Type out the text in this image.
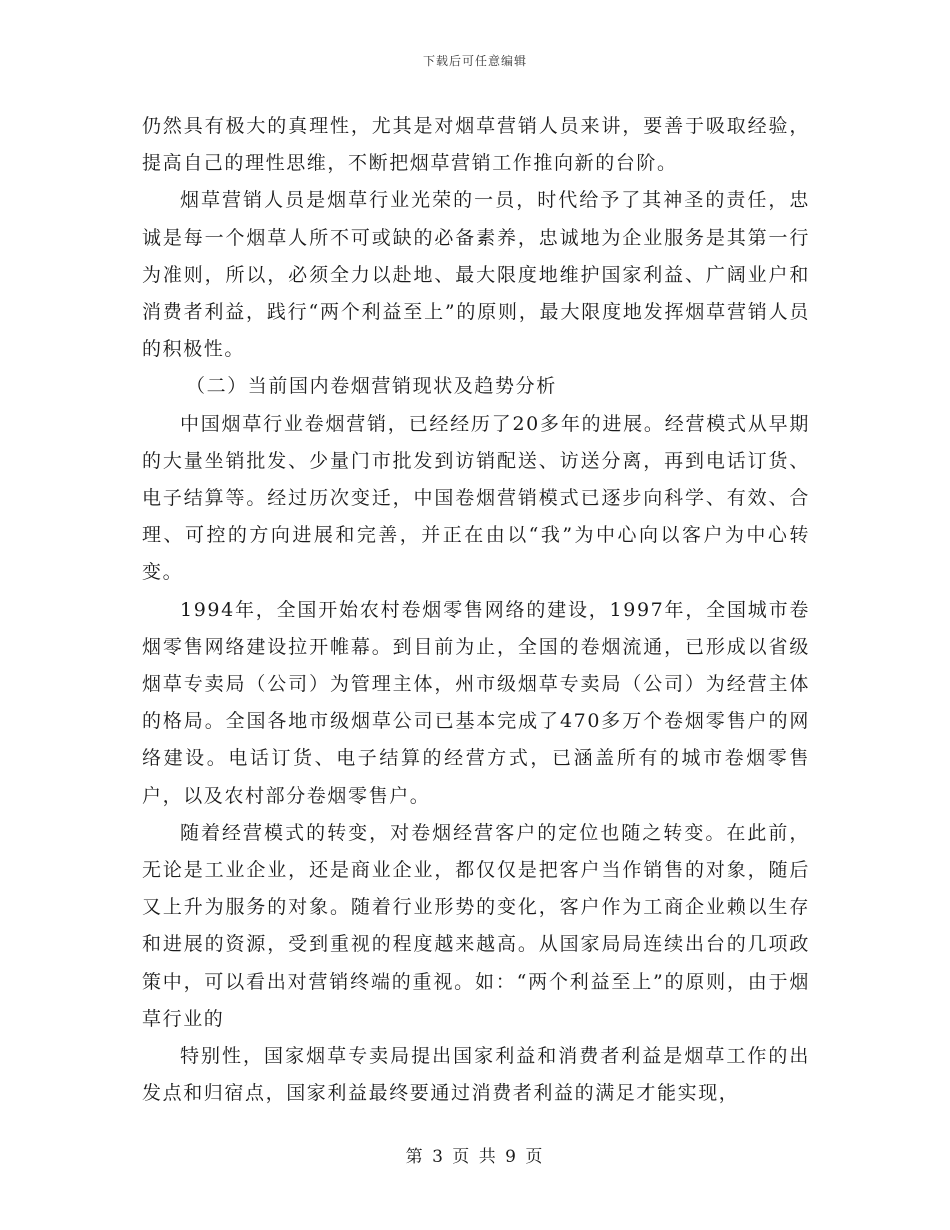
下载后可任意编辑

仍然具有极大的真理性，尤其是对烟草营销人员来讲，要善于吸取经验，提高自己的理性思维，不断把烟草营销工作推向新的台阶。

烟草营销人员是烟草行业光荣的一员，时代给予了其神圣的责任，忠诚是每一个烟草人所不可或缺的必备素养，忠诚地为企业服务是其第一行为准则，所以，必须全力以赴地、最大限度地维护国家利益、广阔业户和消费者利益，践行“两个利益至上”的原则，最大限度地发挥烟草营销人员的积极性。

（二）当前国内卷烟营销现状及趋势分析

中国烟草行业卷烟营销，已经经历了20多年的进展。经营模式从早期的大量坐销批发、少量门市批发到访销配送、访送分离，再到电话订货、电子结算等。经过历次变迁，中国卷烟营销模式已逐步向科学、有效、合理、可控的方向进展和完善，并正在由以“我”为中心向以客户为中心转变。

1994年，全国开始农村卷烟零售网络的建设，1997年，全国城市卷烟零售网络建设拉开帷幕。到目前为止，全国的卷烟流通，已形成以省级烟草专卖局（公司）为管理主体，州市级烟草专卖局（公司）为经营主体的格局。全国各地市级烟草公司已基本完成了470多万个卷烟零售户的网络建设。电话订货、电子结算的经营方式，已涵盖所有的城市卷烟零售户，以及农村部分卷烟零售户。

随着经营模式的转变，对卷烟经营客户的定位也随之转变。在此前，无论是工业企业，还是商业企业，都仅仅是把客户当作销售的对象，随后又上升为服务的对象。随着行业形势的变化，客户作为工商企业赖以生存和进展的资源，受到重视的程度越来越高。从国家局局连续出台的几项政策中，可以看出对营销终端的重视。如：“两个利益至上”的原则，由于烟草行业的

特别性，国家烟草专卖局提出国家利益和消费者利益是烟草工作的出发点和归宿点，国家利益最终要通过消费者利益的满足才能实现，

第 3 页 共 9 页
